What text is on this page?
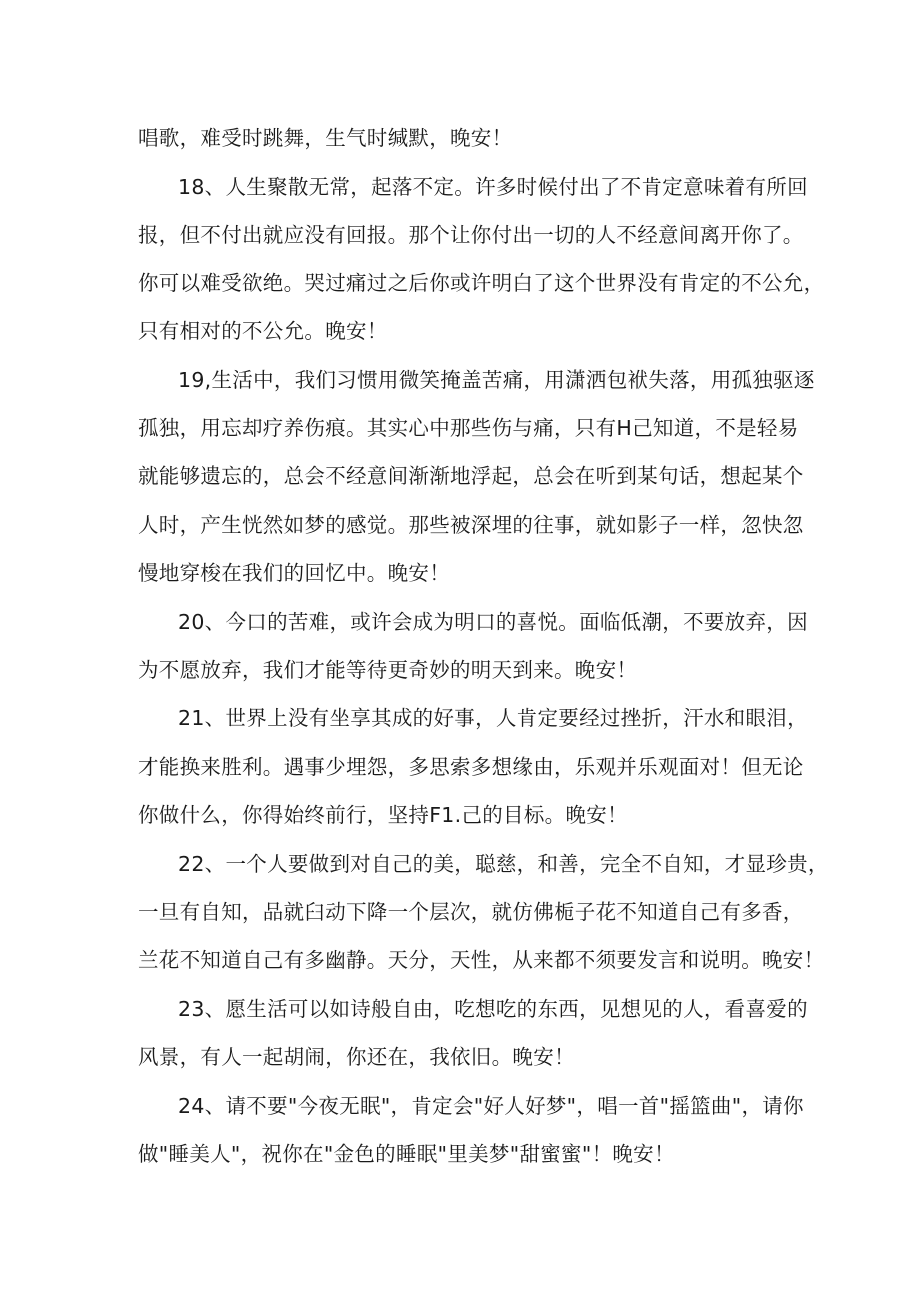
唱歌，难受时跳舞，生气时缄默，晚安！
18、人生聚散无常，起落不定。许多时候付出了不肯定意味着有所回
报，但不付出就应没有回报。那个让你付出一切的人不经意间离开你了。
你可以难受欲绝。哭过痛过之后你或许明白了这个世界没有肯定的不公允，
只有相对的不公允。晚安！
19,生活中，我们习惯用微笑掩盖苦痛，用潇洒包袱失落，用孤独驱逐
孤独，用忘却疗养伤痕。其实心中那些伤与痛，只有H己知道，不是轻易
就能够遗忘的，总会不经意间渐渐地浮起，总会在听到某句话，想起某个
人时，产生恍然如梦的感觉。那些被深埋的往事，就如影子一样，忽快忽
慢地穿梭在我们的回忆中。晚安！
20、今口的苦难，或许会成为明口的喜悦。面临低潮，不要放弃，因
为不愿放弃，我们才能等待更奇妙的明天到来。晚安！
21、世界上没有坐享其成的好事，人肯定要经过挫折，汗水和眼泪，
才能换来胜利。遇事少埋怨，多思索多想缘由，乐观并乐观面对！但无论
你做什么，你得始终前行，坚持F1.己的目标。晚安！
22、一个人要做到对自己的美，聪慈，和善，完全不自知，才显珍贵，
一旦有自知，品就臼动下降一个层次，就仿佛栀子花不知道自己有多香，
兰花不知道自己有多幽静。天分，天性，从来都不须要发言和说明。晚安！
23、愿生活可以如诗般自由，吃想吃的东西，见想见的人，看喜爱的
风景，有人一起胡闹，你还在，我依旧。晚安！
24、请不要"今夜无眠"，肯定会"好人好梦"，唱一首"摇篮曲"，请你
做"睡美人"，祝你在"金色的睡眠"里美梦"甜蜜蜜"！晚安！
